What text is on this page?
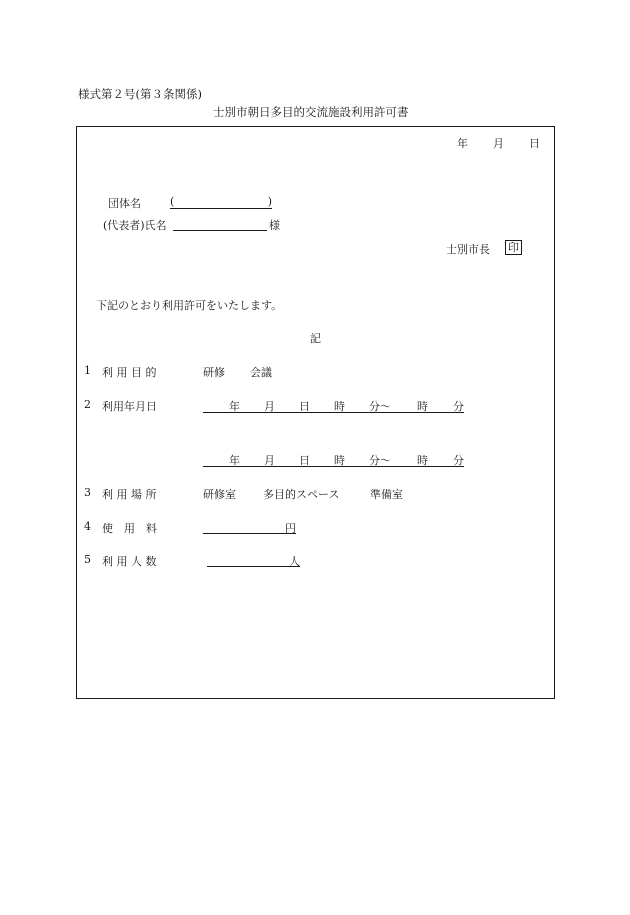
様式第２号(第３条関係)
士別市朝日多目的交流施設利用許可書
年 月 日
団体名	(	)
(代表者)氏名	様
士別市長 印
下記のとおり利用許可をいたします。
記
1 利 用 目 的	研修 会議
2 利用年月日	年 月 日 時 分～ 時 分
年 月 日 時 分～ 時 分
3 利 用 場 所	研修室 多目的スペース	準備室
4 使　用　料	円
5 利 用 人 数	人
